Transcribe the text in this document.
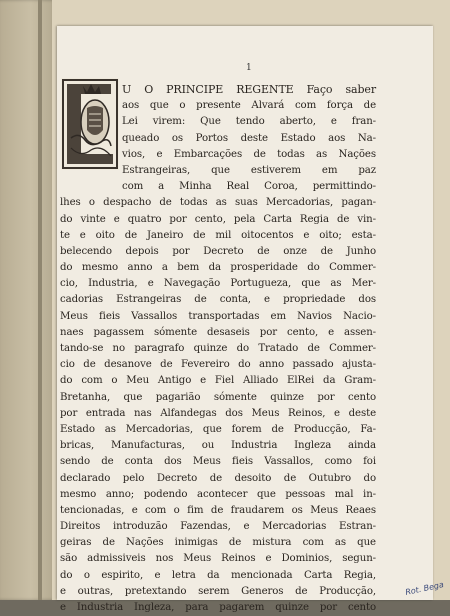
1
U O PRINCIPE REGENTE Faço saber
aos que o presente Alvará com força de
Lei virem: Que tendo aberto, e fran-
queado os Portos deste Estado aos Na-
vios, e Embarcações de todas as Nações
Estrangeiras, que estiverem em paz
com a Minha Real Coroa, permittindo-
lhes o despacho de todas as suas Mercadorias, pagan-
do vinte e quatro por cento, pela Carta Regia de vin-
te e oito de Janeiro de mil oitocentos e oito; esta-
belecendo depois por Decreto de onze de Junho
do mesmo anno a bem da prosperidade do Commer-
cio, Industria, e Navegação Portugueza, que as Mer-
cadorias Estrangeiras de conta, e propriedade dos
Meus fieis Vassallos transportadas em Navios Nacio-
naes pagassem sómente desaseis por cento, e assen-
tando-se no paragrafo quinze do Tratado de Commer-
cio de desanove de Fevereiro do anno passado ajusta-
do com o Meu Antigo e Fiel Alliado ElRei da Gram-
Bretanha, que pagarião sómente quinze por cento
por entrada nas Alfandegas dos Meus Reinos, e deste
Estado as Mercadorias, que forem de Producção, Fa-
bricas, Manufacturas, ou Industria Ingleza ainda
sendo de conta dos Meus fieis Vassallos, como foi
declarado pelo Decreto de desoito de Outubro do
mesmo anno; podendo acontecer que pessoas mal in-
tencionadas, e com o fim de fraudarem os Meus Reaes
Direitos introduzão Fazendas, e Mercadorias Estran-
geiras de Nações inimigas de mistura com as que
são admissiveis nos Meus Reinos e Dominios, segun-
do o espirito, e letra da mencionada Carta Regia,
e outras, pretextando serem Generos de Producção,
e Industria Ingleza, para pagarem quinze por cento
Rot. Bega
